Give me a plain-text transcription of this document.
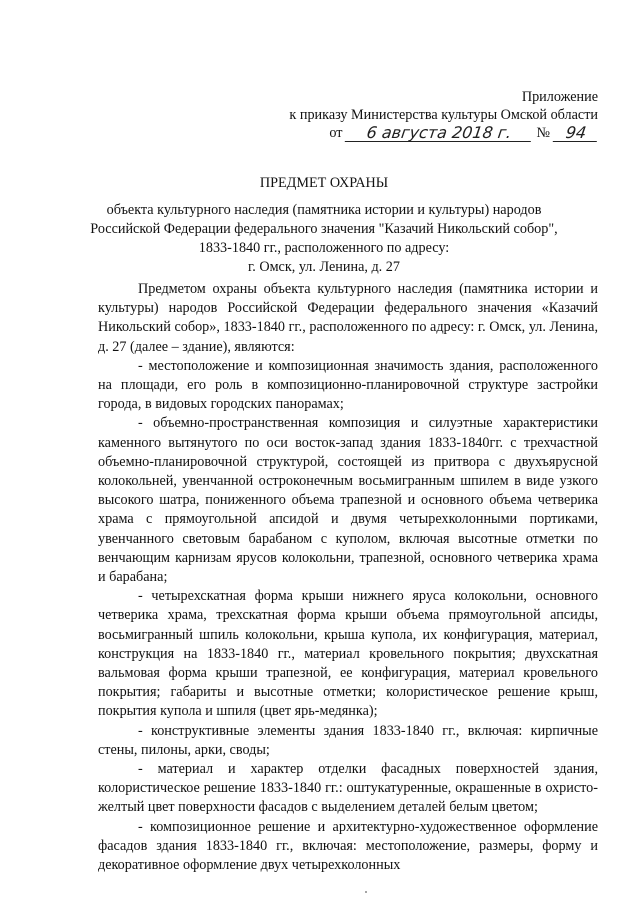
Приложение
к приказу Министерства культуры Омской области
от	6 августа 2018 г.	№ 94
ПРЕДМЕТ ОХРАНЫ
объекта культурного наследия (памятника истории и культуры) народов
Российской Федерации федерального значения "Казачий Никольский собор",
1833-1840 гг., расположенного по адресу:
г. Омск, ул. Ленина, д. 27

Предметом охраны объекта культурного наследия (памятника истории и культуры) народов Российской Федерации федерального значения «Казачий Никольский собор», 1833-1840 гг., расположенного по адресу: г. Омск, ул. Ленина, д. 27 (далее – здание), являются:

- местоположение и композиционная значимость здания, расположенного на площади, его роль в композиционно-планировочной структуре застройки города, в видовых городских панорамах;

- объемно-пространственная композиция и силуэтные характеристики каменного вытянутого по оси восток-запад здания 1833-1840гг. с трехчастной объемно-планировочной структурой, состоящей из притвора с двухъярусной колокольней, увенчанной остроконечным восьмигранным шпилем в виде узкого высокого шатра, пониженного объема трапезной и основного объема четверика храма с прямоугольной апсидой и двумя четырехколонными портиками, увенчанного световым барабаном с куполом, включая высотные отметки по венчающим карнизам ярусов колокольни, трапезной, основного четверика храма и барабана;

- четырехскатная форма крыши нижнего яруса колокольни, основного четверика храма, трехскатная форма крыши объема прямоугольной апсиды, восьмигранный шпиль колокольни, крыша купола, их конфигурация, материал, конструкция на 1833-1840 гг., материал кровельного покрытия; двухскатная вальмовая форма крыши трапезной, ее конфигурация, материал кровельного покрытия; габариты и высотные отметки; колористическое решение крыш, покрытия купола и шпиля (цвет ярь-медянка);

- конструктивные элементы здания 1833-1840 гг., включая: кирпичные стены, пилоны, арки, своды;

- материал и характер отделки фасадных поверхностей здания, колористическое решение 1833-1840 гг.: оштукатуренные, окрашенные в охристо-желтый цвет поверхности фасадов с выделением деталей белым цветом;

- композиционное решение и архитектурно-художественное оформление фасадов здания 1833-1840 гг., включая: местоположение, размеры, форму и декоративное оформление двух четырехколонных
